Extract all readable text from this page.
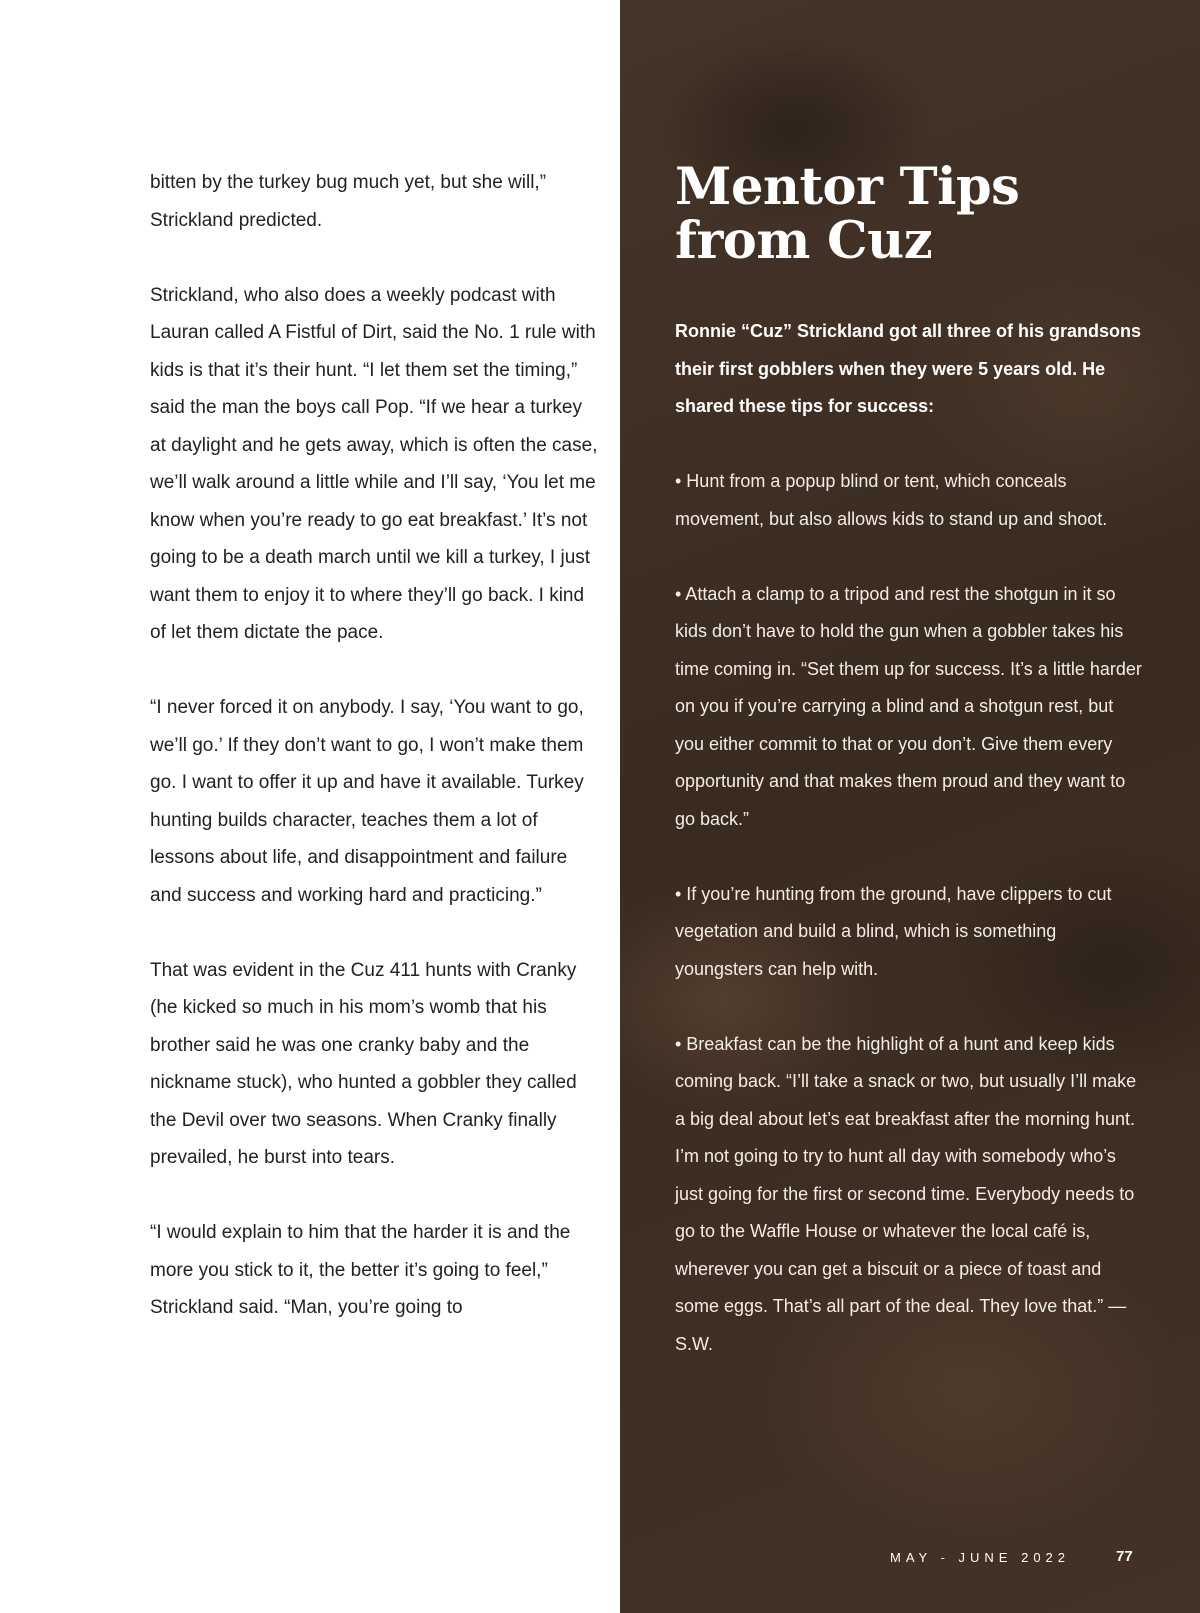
bitten by the turkey bug much yet, but she will,” Strickland predicted.

Strickland, who also does a weekly podcast with Lauran called A Fistful of Dirt, said the No. 1 rule with kids is that it’s their hunt. “I let them set the timing,” said the man the boys call Pop. “If we hear a turkey at daylight and he gets away, which is often the case, we’ll walk around a little while and I’ll say, ‘You let me know when you’re ready to go eat breakfast.’ It’s not going to be a death march until we kill a turkey, I just want them to enjoy it to where they’ll go back. I kind of let them dictate the pace.

“I never forced it on anybody. I say, ‘You want to go, we’ll go.’ If they don’t want to go, I won’t make them go. I want to offer it up and have it available. Turkey hunting builds character, teaches them a lot of lessons about life, and disappointment and failure and success and working hard and practicing.”

That was evident in the Cuz 411 hunts with Cranky (he kicked so much in his mom’s womb that his brother said he was one cranky baby and the nickname stuck), who hunted a gobbler they called the Devil over two seasons. When Cranky finally prevailed, he burst into tears.

“I would explain to him that the harder it is and the more you stick to it, the better it’s going to feel,” Strickland said. “Man, you’re going to

Mentor Tips from Cuz

Ronnie “Cuz” Strickland got all three of his grandsons their first gobblers when they were 5 years old. He shared these tips for success:

• Hunt from a popup blind or tent, which conceals movement, but also allows kids to stand up and shoot.

• Attach a clamp to a tripod and rest the shotgun in it so kids don’t have to hold the gun when a gobbler takes his time coming in. “Set them up for success. It’s a little harder on you if you’re carrying a blind and a shotgun rest, but you either commit to that or you don’t. Give them every opportunity and that makes them proud and they want to go back.”

• If you’re hunting from the ground, have clippers to cut vegetation and build a blind, which is something youngsters can help with.

• Breakfast can be the highlight of a hunt and keep kids coming back. “I’ll take a snack or two, but usually I’ll make a big deal about let’s eat breakfast after the morning hunt. I’m not going to try to hunt all day with somebody who’s just going for the first or second time. Everybody needs to go to the Waffle House or whatever the local café is, wherever you can get a biscuit or a piece of toast and some eggs. That’s all part of the deal. They love that.” — S.W.

MAY - JUNE 2022	77
